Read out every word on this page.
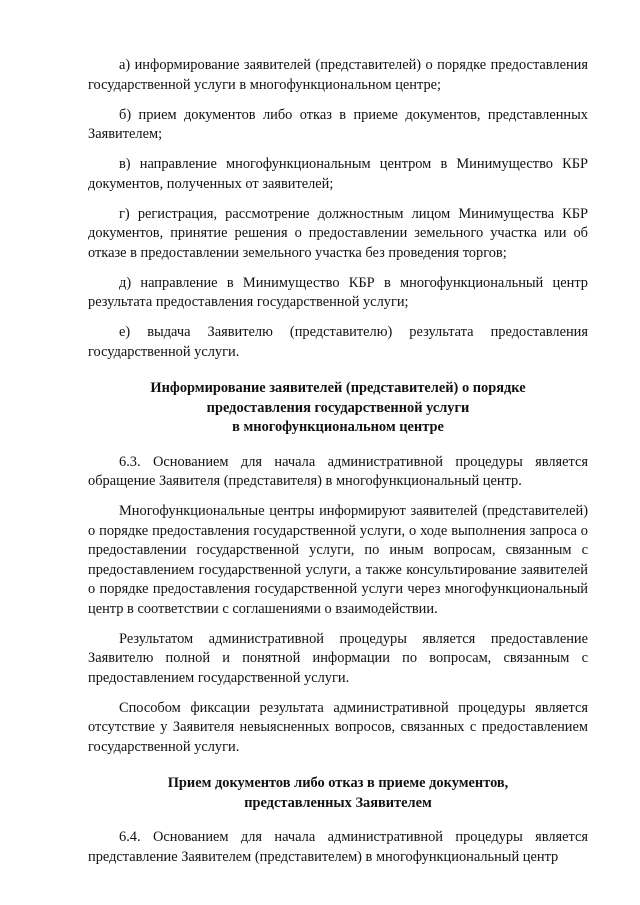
а) информирование заявителей (представителей) о порядке предоставления государственной услуги в многофункциональном центре;

б) прием документов либо отказ в приеме документов, представленных Заявителем;

в) направление многофункциональным центром в Минимущество КБР документов, полученных от заявителей;

г) регистрация, рассмотрение должностным лицом Минимущества КБР документов, принятие решения о предоставлении земельного участка или об отказе в предоставлении земельного участка без проведения торгов;

д) направление в Минимущество КБР в многофункциональный центр результата предоставления государственной услуги;

е) выдача Заявителю (представителю) результата предоставления государственной услуги.

Информирование заявителей (представителей) о порядке
предоставления государственной услуги
в многофункциональном центре

6.3. Основанием для начала административной процедуры является обращение Заявителя (представителя) в многофункциональный центр.

Многофункциональные центры информируют заявителей (представителей) о порядке предоставления государственной услуги, о ходе выполнения запроса о предоставлении государственной услуги, по иным вопросам, связанным с предоставлением государственной услуги, а также консультирование заявителей о порядке предоставления государственной услуги через многофункциональный центр в соответствии с соглашениями о взаимодействии.

Результатом административной процедуры является предоставление Заявителю полной и понятной информации по вопросам, связанным с предоставлением государственной услуги.

Способом фиксации результата административной процедуры является отсутствие у Заявителя невыясненных вопросов, связанных с предоставлением государственной услуги.

Прием документов либо отказ в приеме документов,
представленных Заявителем

6.4. Основанием для начала административной процедуры является представление Заявителем (представителем) в многофункциональный центр
